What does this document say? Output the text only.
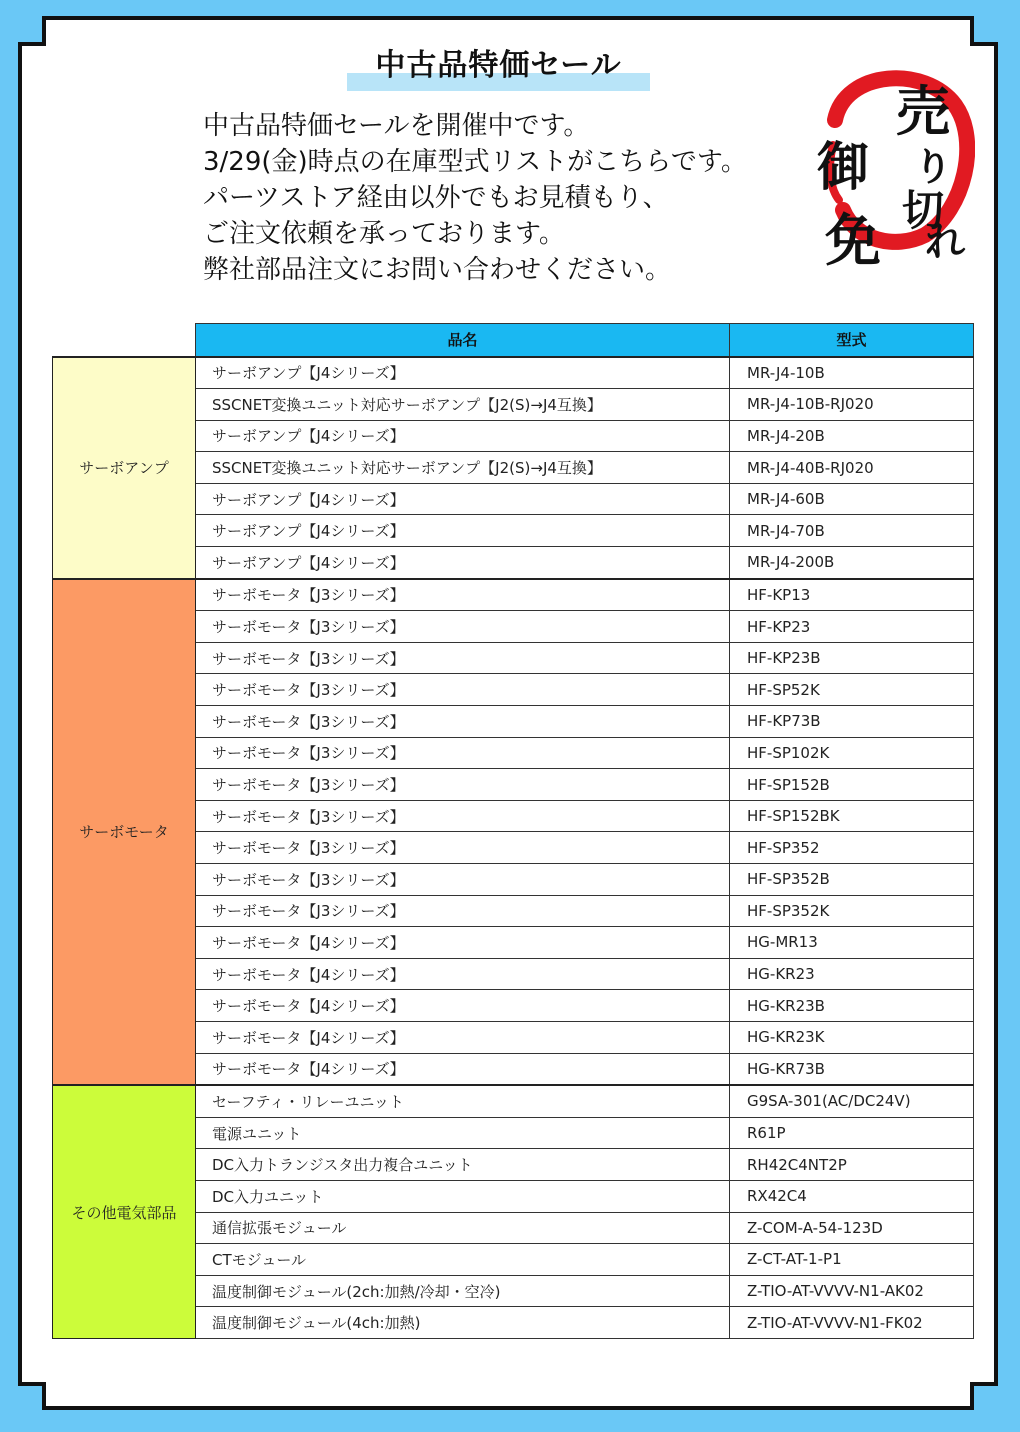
中古品特価セール
中古品特価セールを開催中です。
3/29(金)時点の在庫型式リストがこちらです。
パーツストア経由以外でもお見積もり、
ご注文依頼を承っております。
弊社部品注文にお問い合わせください。
売
り
切
れ
御
免
	品名	型式
サーボアンプ	サーボアンプ【J4シリーズ】	MR-J4-10B
	SSCNET変換ユニット対応サーボアンプ【J2(S)→J4互換】	MR-J4-10B-RJ020
	サーボアンプ【J4シリーズ】	MR-J4-20B
	SSCNET変換ユニット対応サーボアンプ【J2(S)→J4互換】	MR-J4-40B-RJ020
	サーボアンプ【J4シリーズ】	MR-J4-60B
	サーボアンプ【J4シリーズ】	MR-J4-70B
	サーボアンプ【J4シリーズ】	MR-J4-200B
サーボモータ	サーボモータ【J3シリーズ】	HF-KP13
	サーボモータ【J3シリーズ】	HF-KP23
	サーボモータ【J3シリーズ】	HF-KP23B
	サーボモータ【J3シリーズ】	HF-SP52K
	サーボモータ【J3シリーズ】	HF-KP73B
	サーボモータ【J3シリーズ】	HF-SP102K
	サーボモータ【J3シリーズ】	HF-SP152B
	サーボモータ【J3シリーズ】	HF-SP152BK
	サーボモータ【J3シリーズ】	HF-SP352
	サーボモータ【J3シリーズ】	HF-SP352B
	サーボモータ【J3シリーズ】	HF-SP352K
	サーボモータ【J4シリーズ】	HG-MR13
	サーボモータ【J4シリーズ】	HG-KR23
	サーボモータ【J4シリーズ】	HG-KR23B
	サーボモータ【J4シリーズ】	HG-KR23K
	サーボモータ【J4シリーズ】	HG-KR73B
その他電気部品	セーフティ・リレーユニット	G9SA-301(AC/DC24V)
	電源ユニット	R61P
	DC入力トランジスタ出力複合ユニット	RH42C4NT2P
	DC入力ユニット	RX42C4
	通信拡張モジュール	Z-COM-A-54-123D
	CTモジュール	Z-CT-AT-1-P1
	温度制御モジュール(2ch:加熱/冷却・空冷)	Z-TIO-AT-VVVV-N1-AK02
	温度制御モジュール(4ch:加熱)	Z-TIO-AT-VVVV-N1-FK02
